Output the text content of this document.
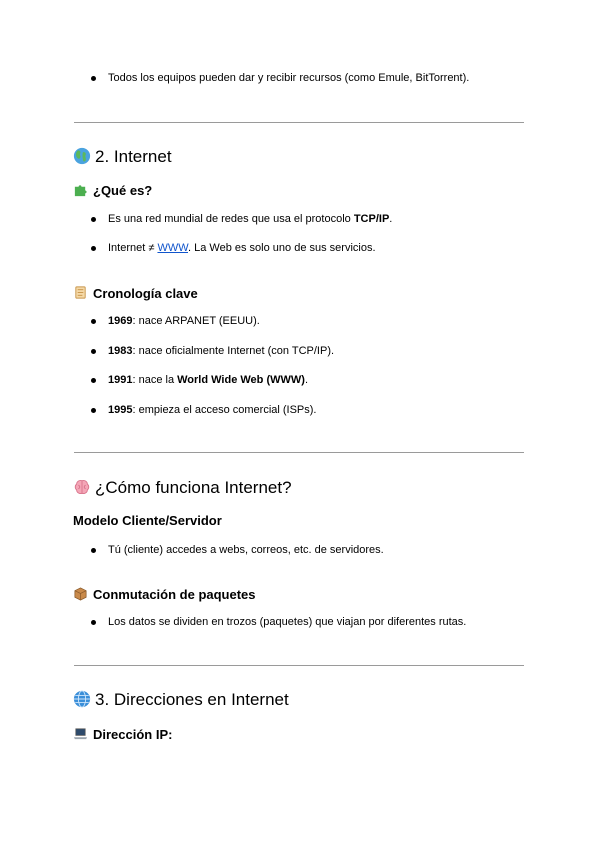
Todos los equipos pueden dar y recibir recursos (como Emule, BitTorrent).
2. Internet
¿Qué es?
Es una red mundial de redes que usa el protocolo TCP/IP.
Internet ≠ WWW. La Web es solo uno de sus servicios.
Cronología clave
1969: nace ARPANET (EEUU).
1983: nace oficialmente Internet (con TCP/IP).
1991: nace la World Wide Web (WWW).
1995: empieza el acceso comercial (ISPs).
¿Cómo funciona Internet?
Modelo Cliente/Servidor
Tú (cliente) accedes a webs, correos, etc. de servidores.
Conmutación de paquetes
Los datos se dividen en trozos (paquetes) que viajan por diferentes rutas.
3. Direcciones en Internet
Dirección IP:
